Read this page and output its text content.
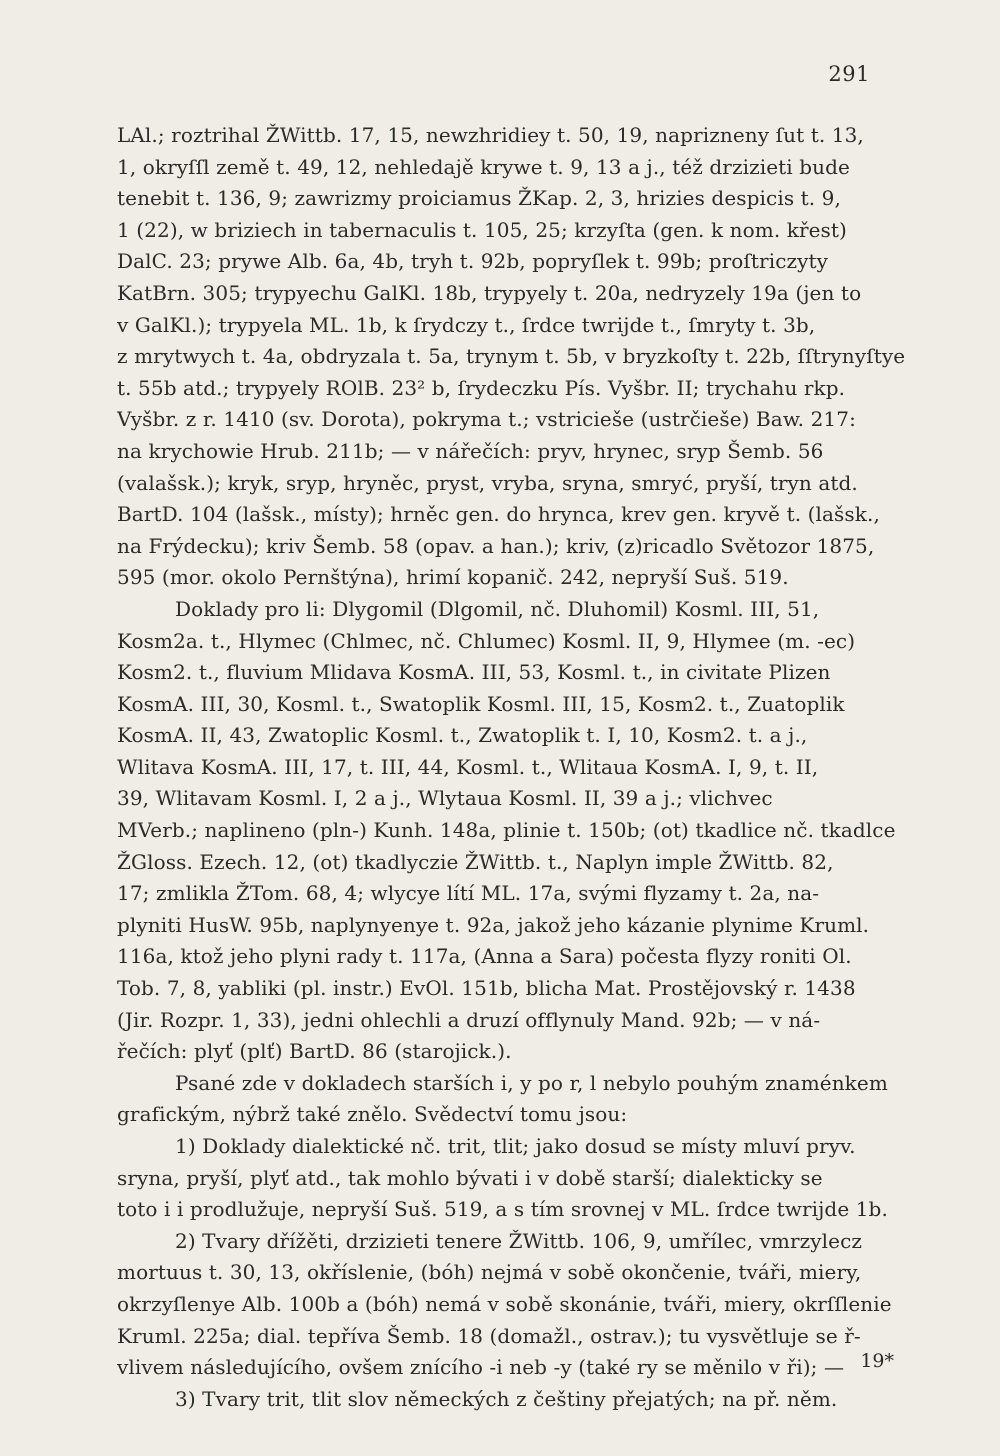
291
LAl.; roztrihal ŽWittb. 17, 15, newzhridiey t. 50, 19, naprizneny ſut t. 13,
1, okryſſl země t. 49, 12, nehledajě krywe t. 9, 13 a j., též drzizieti bude
tenebit t. 136, 9; zawrizmy proiciamus ŽKap. 2, 3, hrizies despicis t. 9,
1 (22), w briziech in tabernaculis t. 105, 25; krzyſta (gen. k nom. křest)
DalC. 23; prywe Alb. 6a, 4b, tryh t. 92b, popryſlek t. 99b; proſtriczyty
KatBrn. 305; trypyechu GalKl. 18b, trypyely t. 20a, nedryzely 19a (jen to
v GalKl.); trypyela ML. 1b, k ſrydczy t., ſrdce twrijde t., ſmryty t. 3b,
z mrytwych t. 4a, obdryzala t. 5a, trynym t. 5b, v bryzkoſty t. 22b, ſſtrynyſtye
t. 55b atd.; trypyely ROlB. 23² b, ſrydeczku Pís. Vyšbr. II; trychahu rkp.
Vyšbr. z r. 1410 (sv. Dorota), pokryma t.; vstricieše (ustrčieše) Baw. 217:
na krychowie Hrub. 211b; — v nářečích: pryv, hrynec, sryp Šemb. 56
(valašsk.); kryk, sryp, hryněc, pryst, vryba, sryna, smryć, pryší, tryn atd.
BartD. 104 (lašsk., místy); hrněc gen. do hrynca, krev gen. kryvě t. (lašsk.,
na Frýdecku); kriv Šemb. 58 (opav. a han.); kriv, (z)ricadlo Světozor 1875,
595 (mor. okolo Pernštýna), hrimí kopanič. 242, nepryší Suš. 519.
Doklady pro li: Dlygomil (Dlgomil, nč. Dluhomil) Kosml. III, 51,
Kosm2a. t., Hlymec (Chlmec, nč. Chlumec) Kosml. II, 9, Hlymee (m. -ec)
Kosm2. t., fluvium Mlidava KosmA. III, 53, Kosml. t., in civitate Plizen
KosmA. III, 30, Kosml. t., Swatoplik Kosml. III, 15, Kosm2. t., Zuatoplik
KosmA. II, 43, Zwatoplic Kosml. t., Zwatoplik t. I, 10, Kosm2. t. a j.,
Wlitava KosmA. III, 17, t. III, 44, Kosml. t., Wlitaua KosmA. I, 9, t. II,
39, Wlitavam Kosml. I, 2 a j., Wlytaua Kosml. II, 39 a j.; vlichvec
MVerb.; naplineno (pln-) Kunh. 148a, plinie t. 150b; (ot) tkadlice nč. tkadlce
ŽGloss. Ezech. 12, (ot) tkadlyczie ŽWittb. t., Naplyn imple ŽWittb. 82,
17; zmlikla ŽTom. 68, 4; wlycye lítí ML. 17a, svými flyzamy t. 2a, na-
plyniti HusW. 95b, naplynyenye t. 92a, jakož jeho kázanie plynime Kruml.
116a, ktož jeho plyni rady t. 117a, (Anna a Sara) počesta flyzy roniti Ol.
Tob. 7, 8, yabliki (pl. instr.) EvOl. 151b, blicha Mat. Prostějovský r. 1438
(Jir. Rozpr. 1, 33), jedni ohlechli a druzí offlynuly Mand. 92b; — v ná-
řečích: plyť (plť) BartD. 86 (starojick.).
Psané zde v dokladech starších i, y po r, l nebylo pouhým znaménkem
grafickým, nýbrž také znělo. Svědectví tomu jsou:
1) Doklady dialektické nč. trit, tlit; jako dosud se místy mluví pryv.
sryna, pryší, plyť atd., tak mohlo bývati i v době starší; dialekticky se
toto i i prodlužuje, nepryší Suš. 519, a s tím srovnej v ML. ſrdce twrijde 1b.
2) Tvary dřížěti, drzizieti tenere ŽWittb. 106, 9, umřílec, vmrzylecz
mortuus t. 30, 13, okříslenie, (bóh) nejmá v sobě okončenie, tváři, miery,
okrzyſlenye Alb. 100b a (bóh) nemá v sobě skonánie, tváři, miery, okrſſlenie
Kruml. 225a; dial. tepříva Šemb. 18 (domažl., ostrav.); tu vysvětluje se ř-
vlivem následujícího, ovšem znícího -i neb -y (také ry se měnilo v ři); —
3) Tvary trit, tlit slov německých z češtiny přejatých; na př. něm.
19*
